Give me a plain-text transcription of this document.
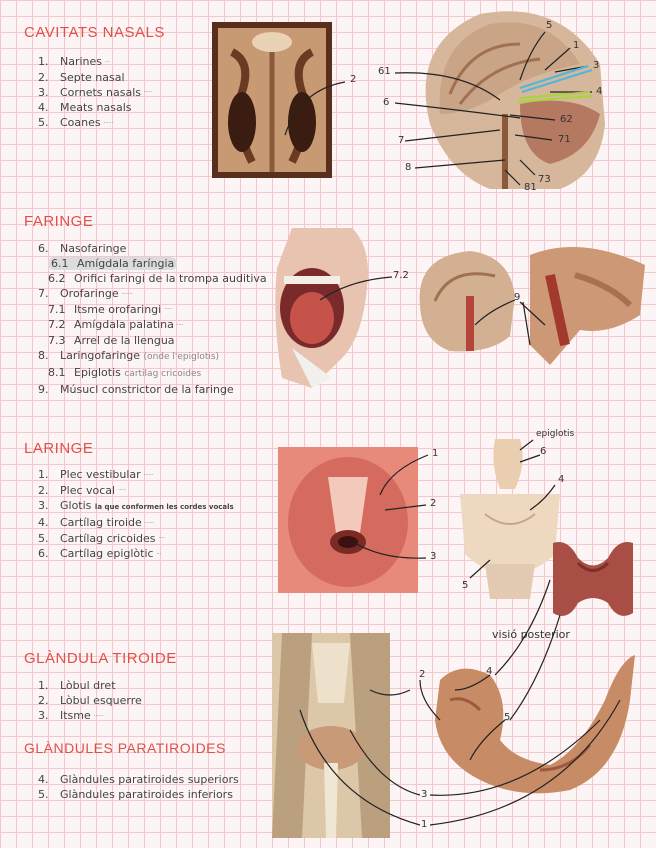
CAVITATS NASALS
1. Narines ···
2. Septe nasal
3. Cornets nasals ·····
4. Meats nasals
5. Coanes ······
FARINGE
6. Nasofaringe
6.1 Amígdala faríngia
6.2 Orifici faringi de la trompa auditiva
7. Orofaringe ·······
7.1 Itsme orofaringi ·····
7.2 Amígdala palatina ····
7.3 Arrel de la llengua
8. Laringofaringe (onde l'epiglotis)
8.1 Epiglotis cartilag cricoides
9. Músucl constrictor de la faringe
LARINGE
1. Plec vestibular ······
2. Plec vocal ·····
3. Glotis la que conformen les cordes vocals
4. Cartílag tiroide ······
5. Cartílag cricoides ····
6. Cartílag epiglòtic ···
visió posterior
GLÀNDULA TIROIDE
1. Lòbul dret
2. Lòbul esquerre
3. Itsme ······
GLÀNDULES PARATIROIDES
4. Glàndules paratiroides superiors
5. Glàndules paratiroides inferiors
2
5
1
3
4
61
6
62
7	71
8
81
73
7.2
9
1
2
3
epiglotis
6
4
5
2	4
5
3
1
